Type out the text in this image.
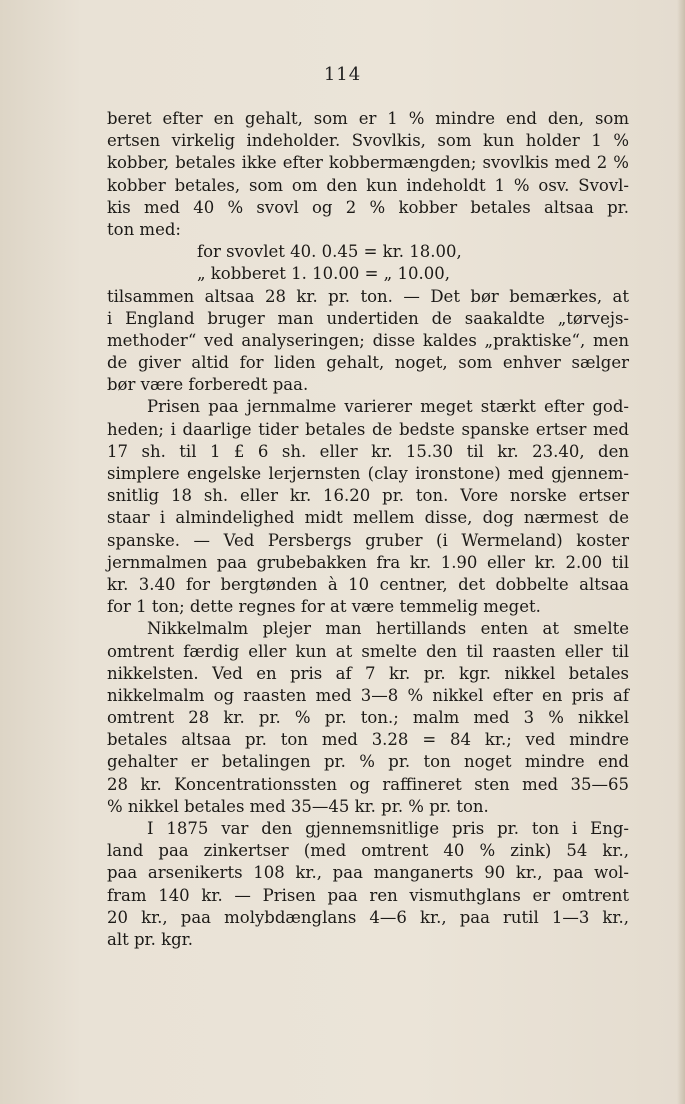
114
beret efter en gehalt, som er 1 % mindre end den, som
ertsen virkelig indeholder. Svovlkis, som kun holder 1 %
kobber, betales ikke efter kobbermængden; svovlkis med 2 %
kobber betales, som om den kun indeholdt 1 % osv. Svovl-
kis med 40 % svovl og 2 % kobber betales altsaa pr.
ton med:
for svovlet 40. 0.45 = kr. 18.00,
„ kobberet 1. 10.00 = „ 10.00,
tilsammen altsaa 28 kr. pr. ton. — Det bør bemærkes, at
i England bruger man undertiden de saakaldte „tørvejs-
methoder“ ved analyseringen; disse kaldes „praktiske“, men
de giver altid for liden gehalt, noget, som enhver sælger
bør være forberedt paa.
Prisen paa jernmalme varierer meget stærkt efter god-
heden; i daarlige tider betales de bedste spanske ertser med
17 sh. til 1 £ 6 sh. eller kr. 15.30 til kr. 23.40, den
simplere engelske lerjernsten (clay ironstone) med gjennem-
snitlig 18 sh. eller kr. 16.20 pr. ton. Vore norske ertser
staar i almindelighed midt mellem disse, dog nærmest de
spanske. — Ved Persbergs gruber (i Wermeland) koster
jernmalmen paa grubebakken fra kr. 1.90 eller kr. 2.00 til
kr. 3.40 for bergtønden à 10 centner, det dobbelte altsaa
for 1 ton; dette regnes for at være temmelig meget.
Nikkelmalm plejer man hertillands enten at smelte
omtrent færdig eller kun at smelte den til raasten eller til
nikkelsten. Ved en pris af 7 kr. pr. kgr. nikkel betales
nikkelmalm og raasten med 3—8 % nikkel efter en pris af
omtrent 28 kr. pr. % pr. ton.; malm med 3 % nikkel
betales altsaa pr. ton med 3.28 = 84 kr.; ved mindre
gehalter er betalingen pr. % pr. ton noget mindre end
28 kr. Koncentrationssten og raffineret sten med 35—65
% nikkel betales med 35—45 kr. pr. % pr. ton.
I 1875 var den gjennemsnitlige pris pr. ton i Eng-
land paa zinkertser (med omtrent 40 % zink) 54 kr.,
paa arsenikerts 108 kr., paa manganerts 90 kr., paa wol-
fram 140 kr. — Prisen paa ren vismuthglans er omtrent
20 kr., paa molybdænglans 4—6 kr., paa rutil 1—3 kr.,
alt pr. kgr.
